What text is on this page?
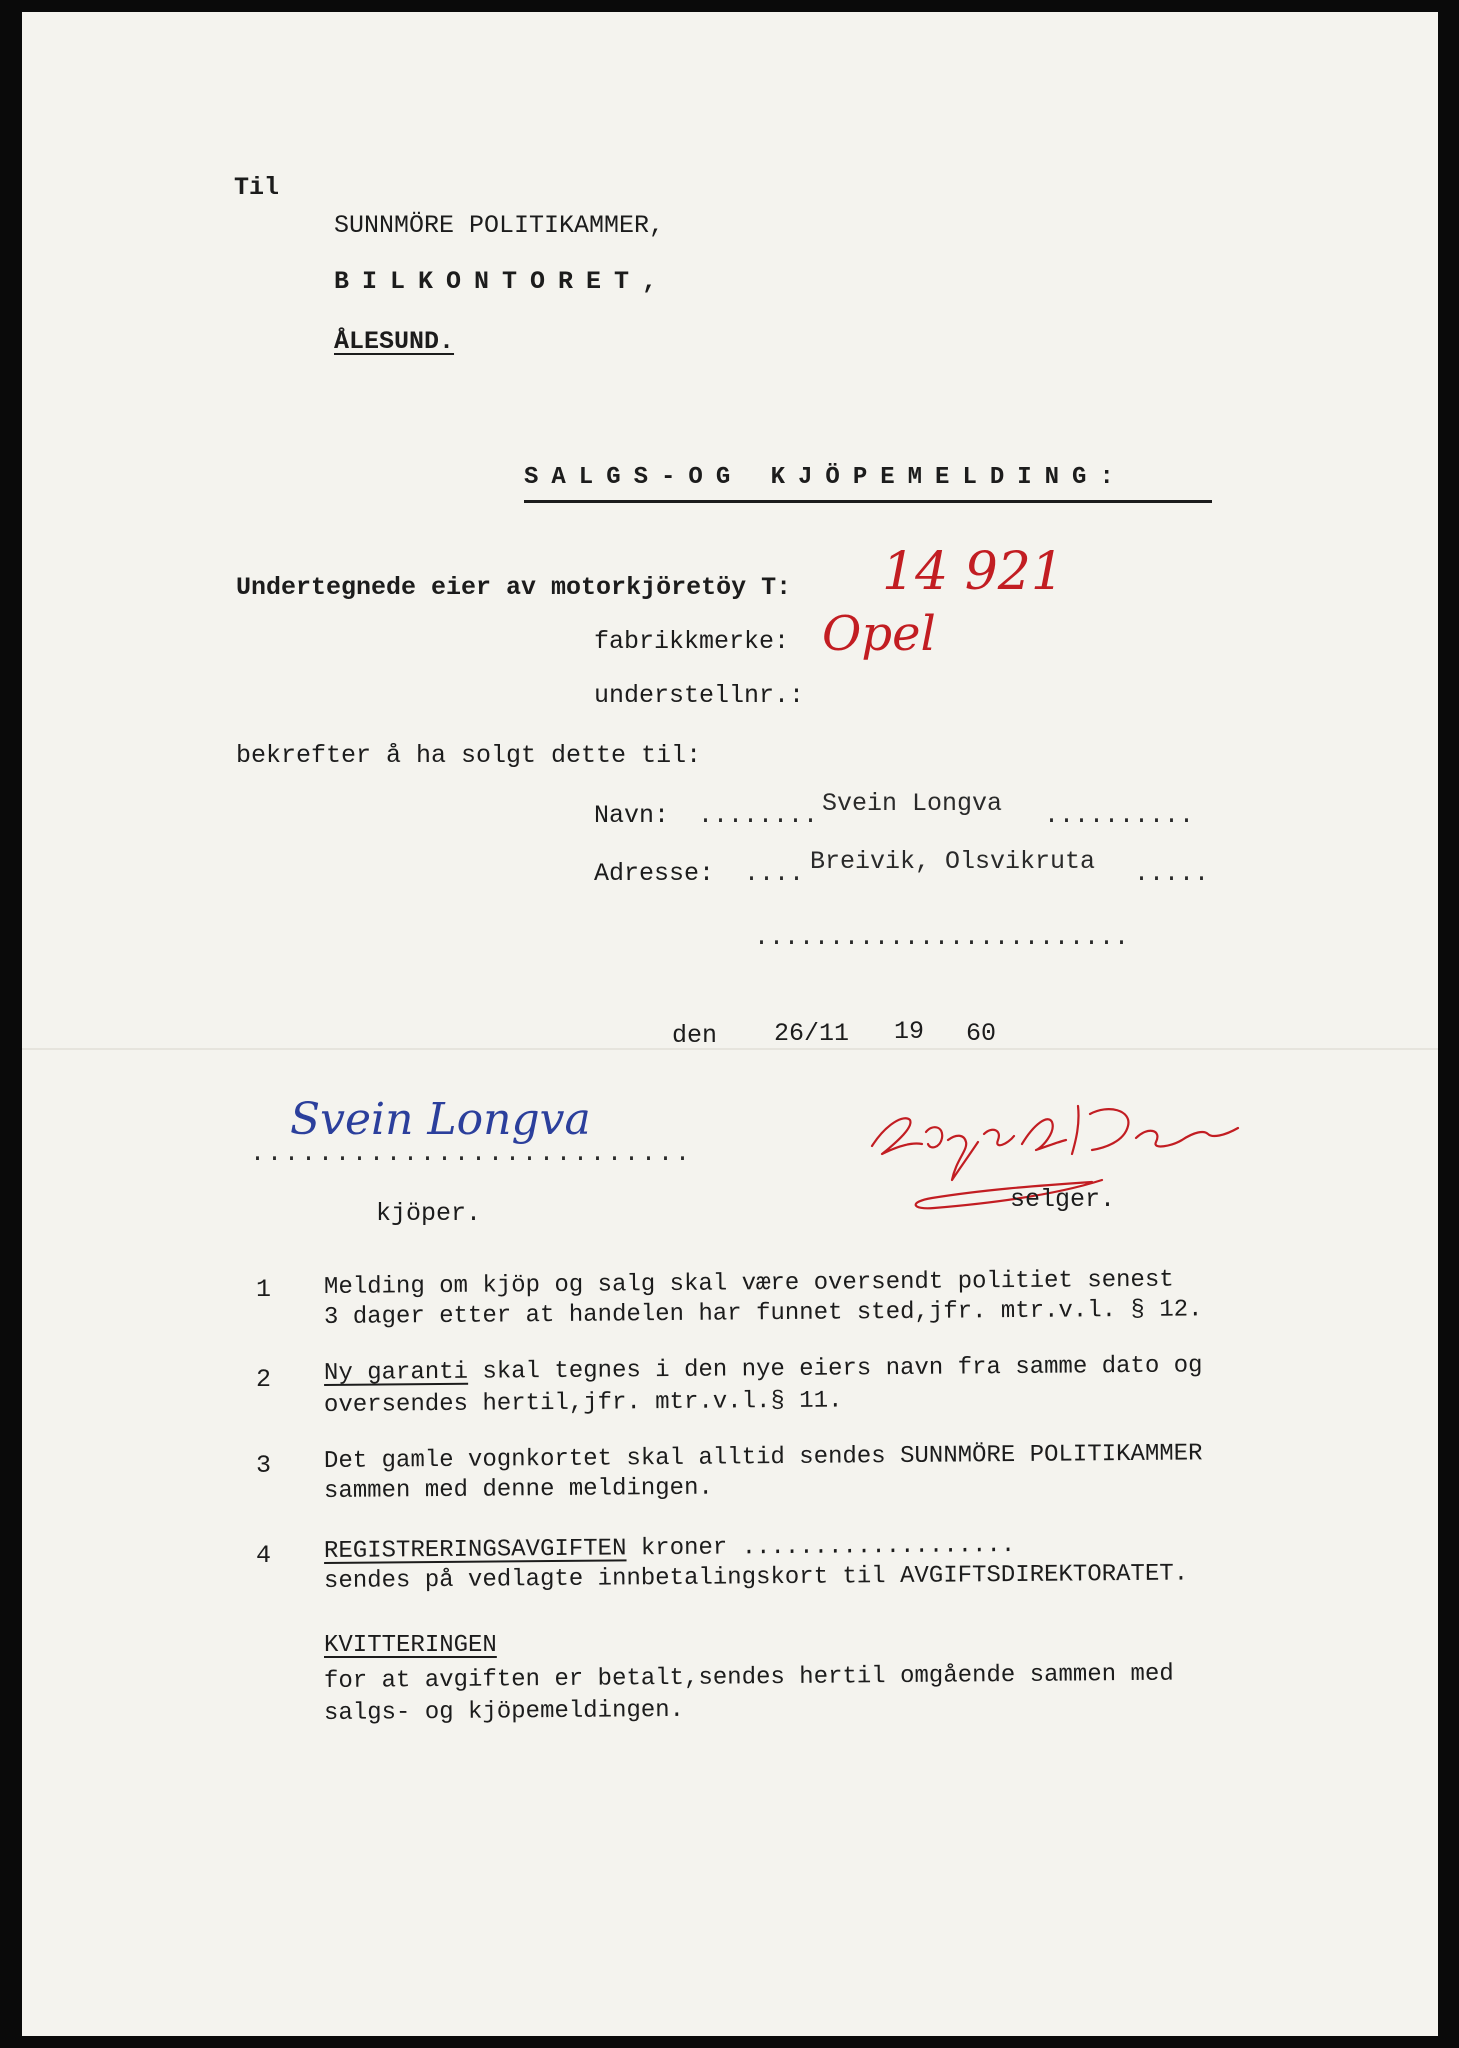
Til
SUNNMÖRE POLITIKAMMER,
BILKONTORET,
ÅLESUND.
SALGS-OG KJÖPEMELDING:
Undertegnede eier av motorkjöretöy T: 14 921
fabrikkmerke: Opel
understellnr.:
bekrefter å ha solgt dette til:
Navn: ........ Svein Longva ..........
Adresse: .... Breivik, Olsvikruta .....
.........................
den 26/11 19 60
..........................
Svein Longva
kjöper.	selger.
1 Melding om kjöp og salg skal være oversendt politiet senest
3 dager etter at handelen har funnet sted,jfr. mtr.v.l. § 12.
2 Ny garanti skal tegnes i den nye eiers navn fra samme dato og
oversendes hertil,jfr. mtr.v.l.§ 11.
3 Det gamle vognkortet skal alltid sendes SUNNMÖRE POLITIKAMMER
sammen med denne meldingen.
4 REGISTRERINGSAVGIFTEN kroner ...................
sendes på vedlagte innbetalingskort til AVGIFTSDIREKTORATET.
KVITTERINGEN
for at avgiften er betalt,sendes hertil omgående sammen med
salgs- og kjöpemeldingen.
